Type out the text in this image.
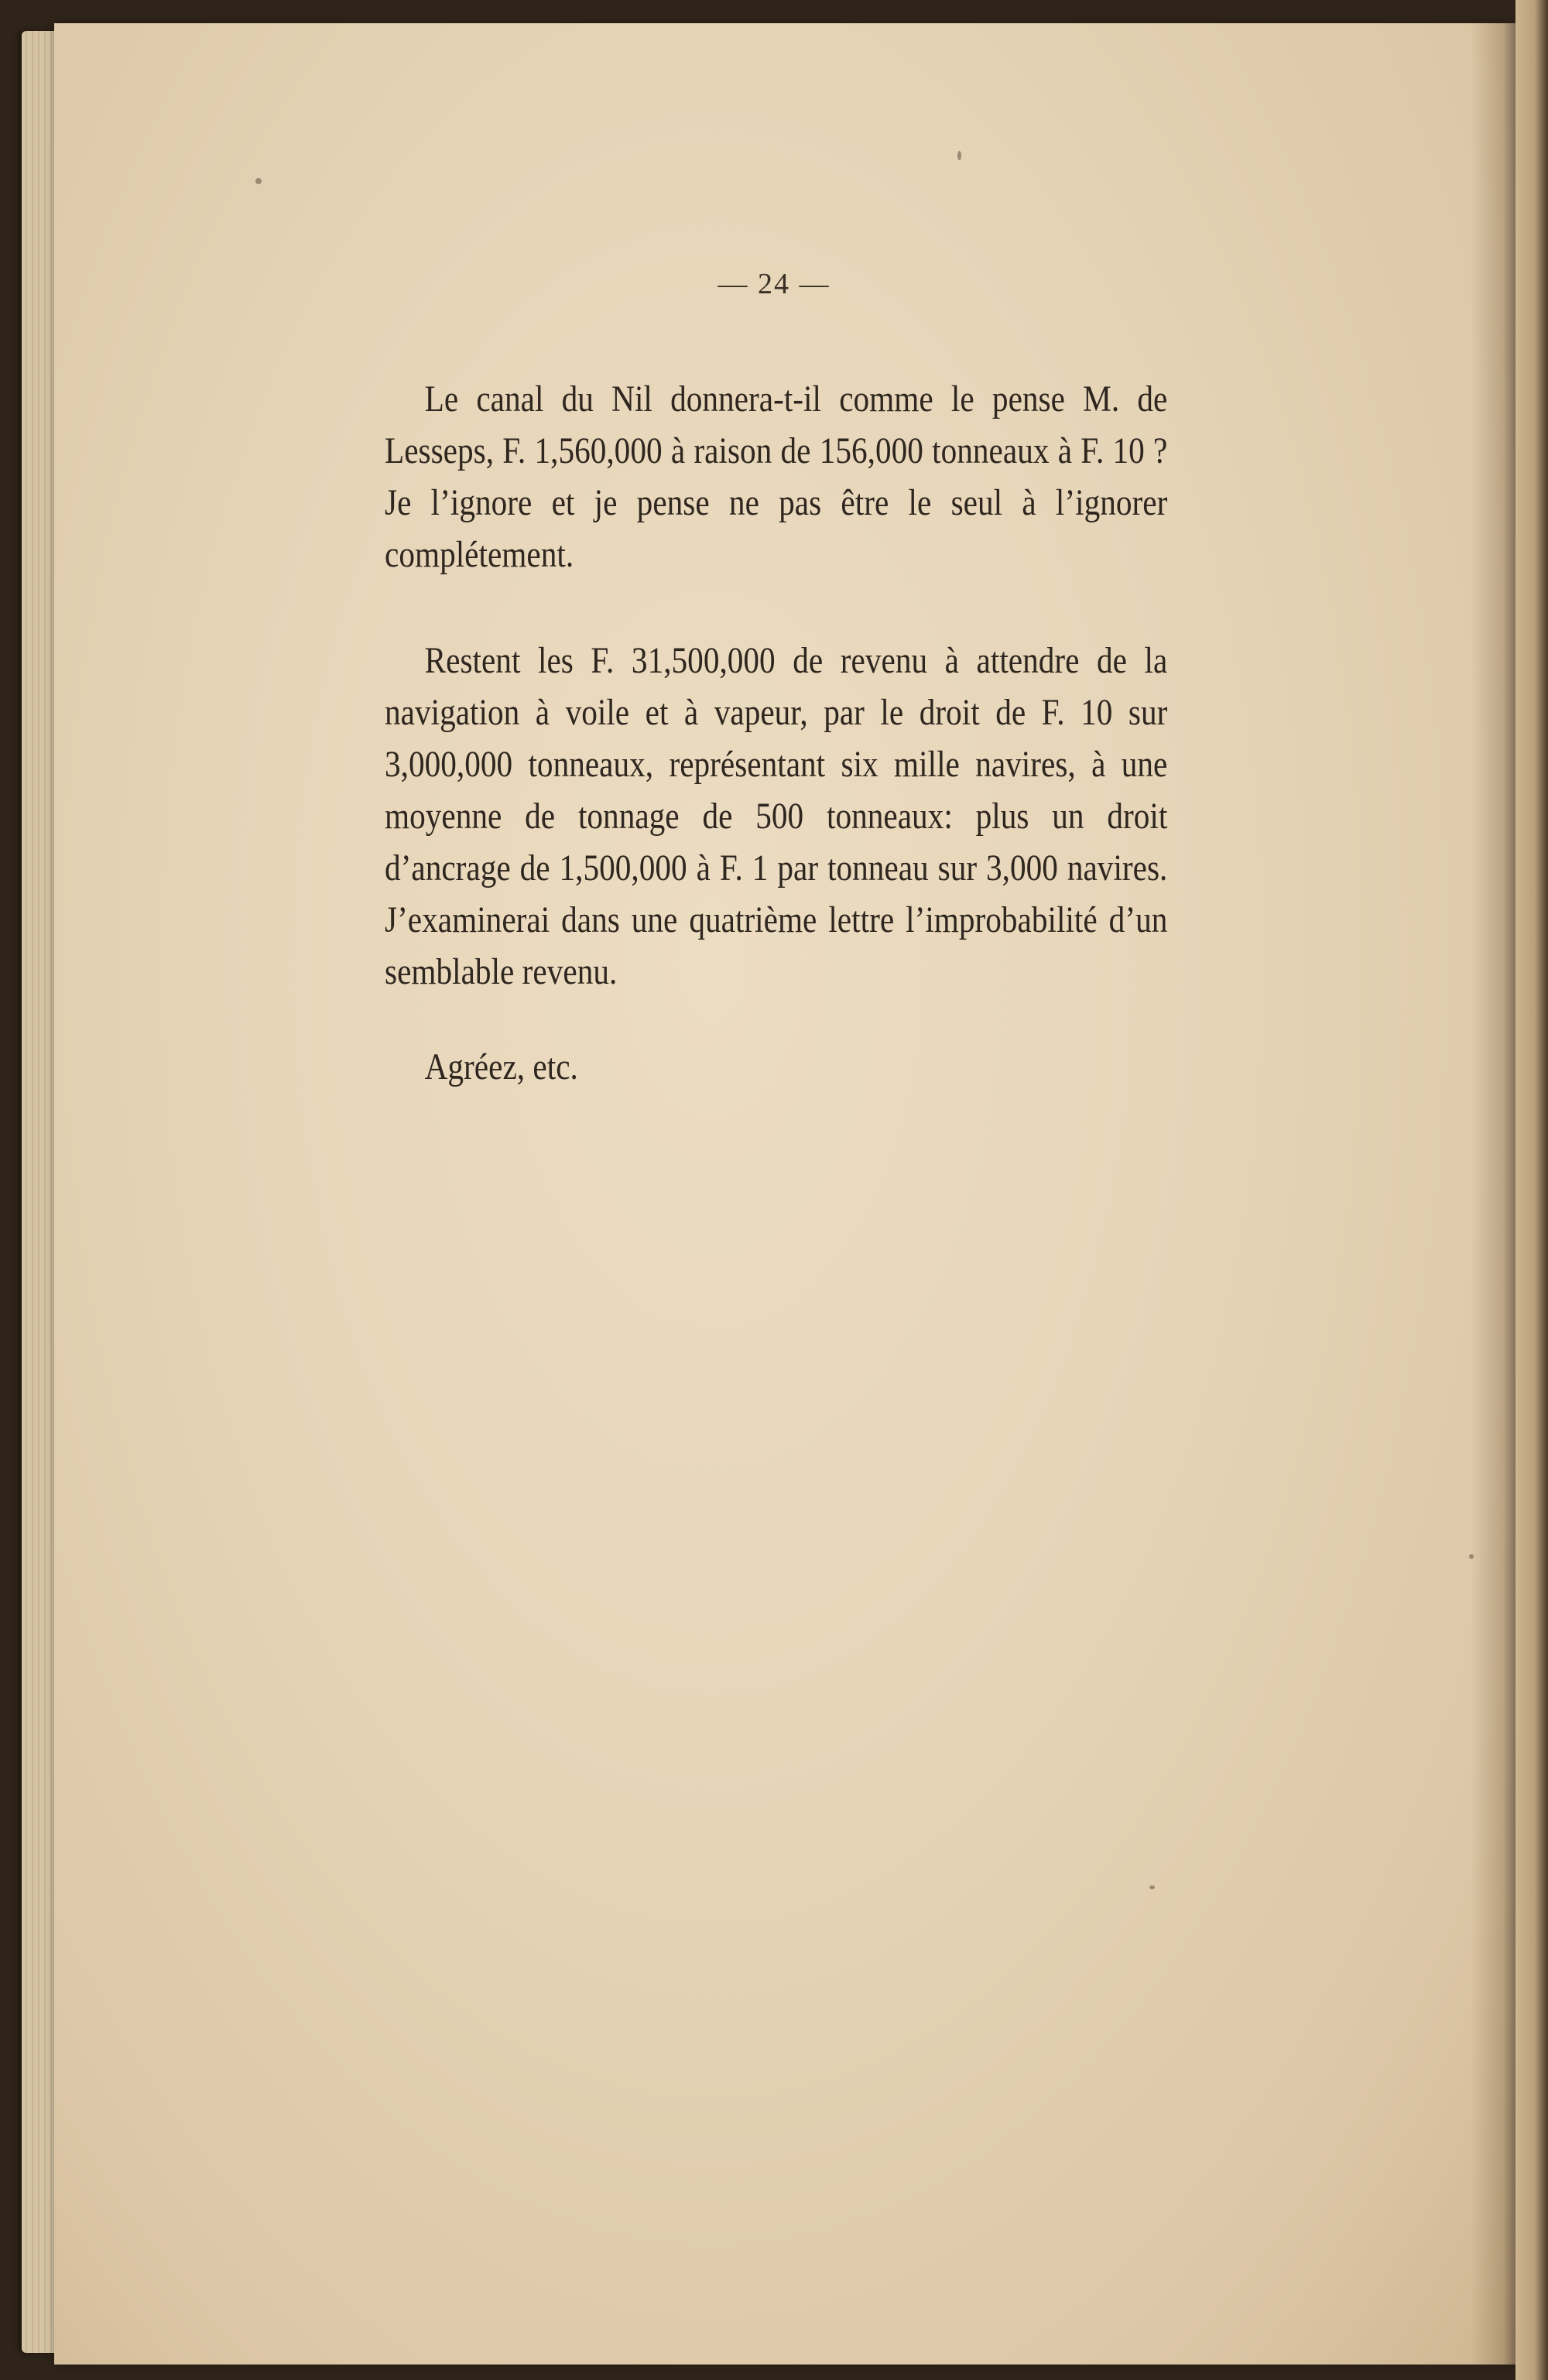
— 24 —

Le canal du Nil donnera-t-il comme le pense M. de Lesseps, F. 1,560,000 à raison de 156,000 tonneaux à F. 10 ? Je l’ignore et je pense ne pas être le seul à l’ignorer complétement.

Restent les F. 31,500,000 de revenu à attendre de la navigation à voile et à vapeur, par le droit de F. 10 sur 3,000,000 tonneaux, représentant six mille navires, à une moyenne de tonnage de 500 tonneaux: plus un droit d’ancrage de 1,500,000 à F. 1 par tonneau sur 3,000 navires. J’examinerai dans une quatrième lettre l’improbabilité d’un semblable revenu.

Agréez, etc.
